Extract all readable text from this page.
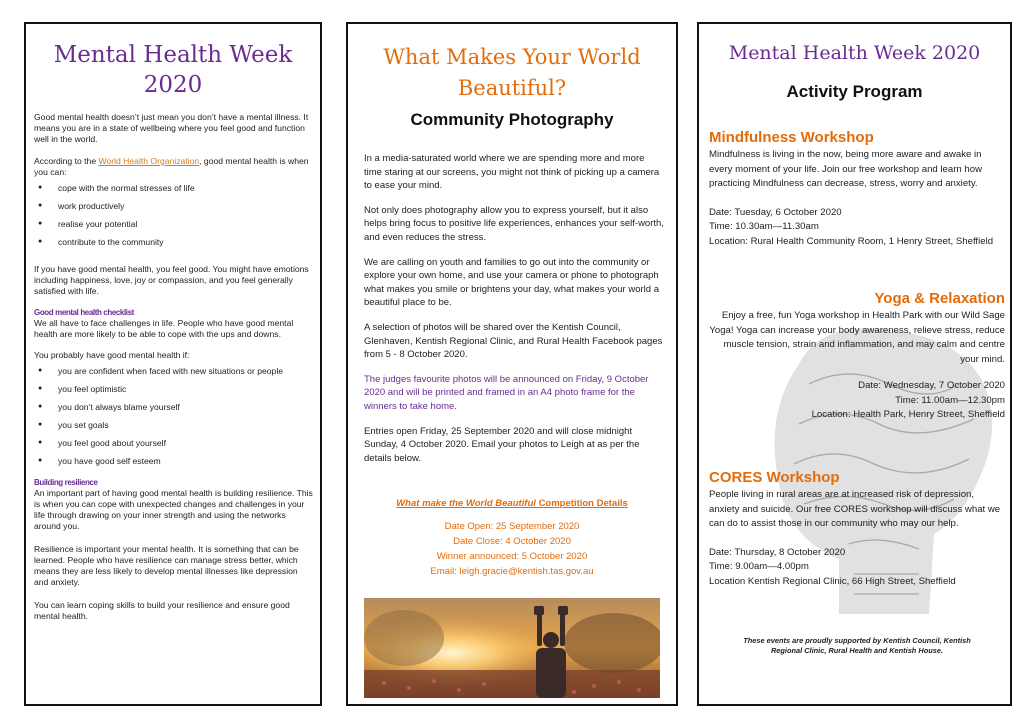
Mental Health Week
2020

Good mental health doesn’t just mean you don’t have a mental illness. It means you are in a state of wellbeing where you feel good and function well in the world.

According to the World Health Organization, good mental health is when you can:

● cope with the normal stresses of life
● work productively
● realise your potential
● contribute to the community

If you have good mental health, you feel good. You might have emotions including happiness, love, joy or compassion, and you feel generally satisfied with life.

Good mental health checklist

We all have to face challenges in life. People who have good mental health are more likely to be able to cope with the ups and downs.

You probably have good mental health if:

● you are confident when faced with new situations or people
● you feel optimistic
● you don’t always blame yourself
● you set goals
● you feel good about yourself
● you have good self esteem

Building resilience

An important part of having good mental health is building resilience. This is when you can cope with unexpected changes and challenges in your life through drawing on your inner strength and using the networks around you.

Resilience is important your mental health. It is something that can be learned. People who have resilience can manage stress better, which means they are less likely to develop mental illnesses like depression and anxiety.

You can learn coping skills to build your resilience and ensure good mental health.

What Makes Your World
Beautiful?
Community Photography

In a media-saturated world where we are spending more and more time staring at our screens, you might not think of picking up a camera to ease your mind.

Not only does photography allow you to express yourself, but it also helps bring focus to positive life experiences, enhances your self-worth, and even reduces the stress.

We are calling on youth and families to go out into the community or explore your own home, and use your camera or phone to photograph what makes you smile or brightens your day, what makes your world a beautiful place to be.

A selection of photos will be shared over the Kentish Council, Glenhaven, Kentish Regional Clinic, and Rural Health Facebook pages from 5 - 8 October 2020.

The judges favourite photos will be announced on Friday, 9 October 2020 and will be printed and framed in an A4 photo frame for the winners to take home.

Entries open Friday, 25 September 2020 and will close midnight Sunday, 4 October 2020. Email your photos to Leigh at as per the details below.

What make the World Beautiful Competition Details
Date Open: 25 September 2020
Date Close: 4 October 2020
Winner announced: 5 October 2020
Email: leigh.gracie@kentish.tas.gov.au
Mental Health Week 2020
Activity Program
Mindfulness Workshop

Mindfulness is living in the now, being more aware and awake in every moment of your life. Join our free workshop and learn how practicing Mindfulness can decrease, stress, worry and anxiety.

Date: Tuesday, 6 October 2020

Time: 10.30am—11.30am

Location: Rural Health Community Room, 1 Henry Street, Sheffield

Yoga & Relaxation

Enjoy a free, fun Yoga workshop in Health Park with our Wild Sage Yoga! Yoga can increase your body awareness, relieve stress, reduce muscle tension, strain and inflammation, and may calm and centre your mind.

Date: Wednesday, 7 October 2020

Time: 11.00am—12.30pm

Location: Health Park, Henry Street, Sheffield

CORES Workshop

People living in rural areas are at increased risk of depression, anxiety and suicide. Our free CORES workshop will discuss what we can do to assist those in our community who may our help.

Date: Thursday, 8 October 2020

Time: 9.00am—4.00pm

Location Kentish Regional Clinic, 66 High Street, Sheffield

These events are proudly supported by Kentish Council, Kentish Regional Clinic, Rural Health and Kentish House.
